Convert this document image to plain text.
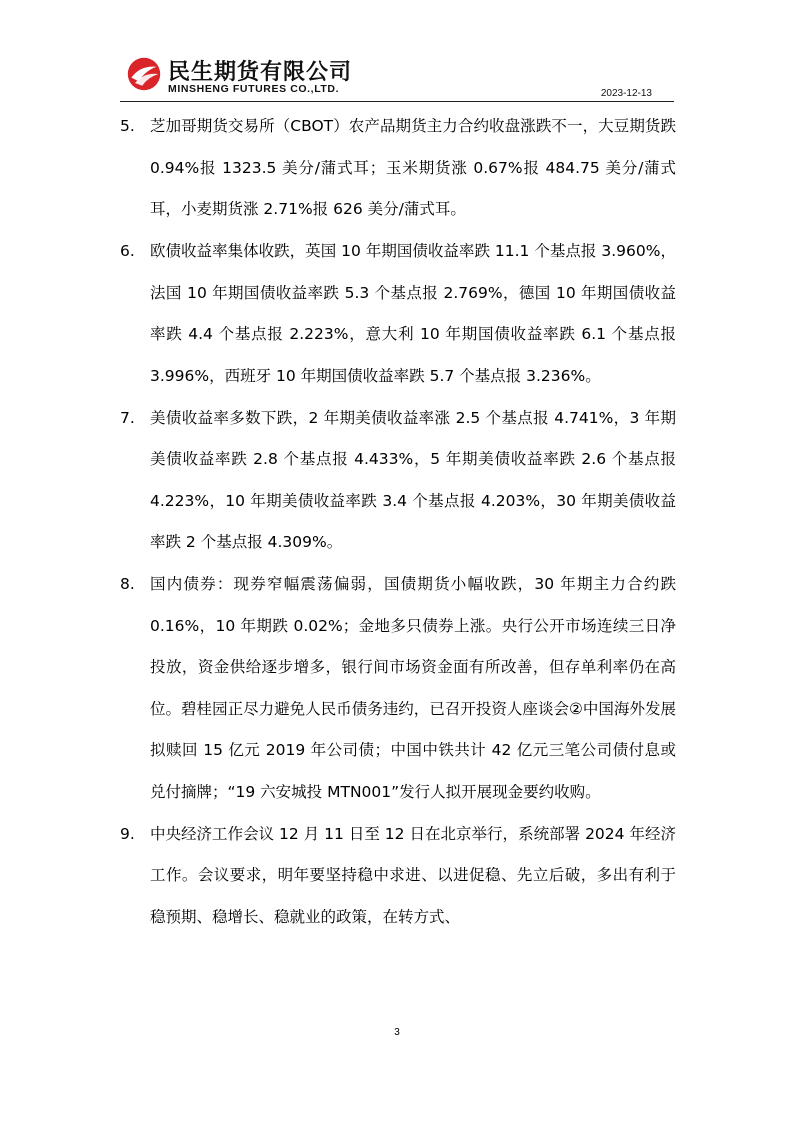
民生期货有限公司
MINSHENG FUTURES CO.,LTD.	2023-12-13
5. 芝加哥期货交易所（CBOT）农产品期货主力合约收盘涨跌不一，大豆期货跌 0.94%报 1323.5 美分/蒲式耳；玉米期货涨 0.67%报 484.75 美分/蒲式耳，小麦期货涨 2.71%报 626 美分/蒲式耳。

6. 欧债收益率集体收跌，英国 10 年期国债收益率跌 11.1 个基点报 3.960%，法国 10 年期国债收益率跌 5.3 个基点报 2.769%，德国 10 年期国债收益率跌 4.4 个基点报 2.223%，意大利 10 年期国债收益率跌 6.1 个基点报 3.996%，西班牙 10 年期国债收益率跌 5.7 个基点报 3.236%。

7. 美债收益率多数下跌，2 年期美债收益率涨 2.5 个基点报 4.741%，3 年期美债收益率跌 2.8 个基点报 4.433%，5 年期美债收益率跌 2.6 个基点报 4.223%，10 年期美债收益率跌 3.4 个基点报 4.203%，30 年期美债收益率跌 2 个基点报 4.309%。

8. 国内债券：现券窄幅震荡偏弱，国债期货小幅收跌，30 年期主力合约跌 0.16%，10 年期跌 0.02%；金地多只债券上涨。央行公开市场连续三日净投放，资金供给逐步增多，银行间市场资金面有所改善，但存单利率仍在高位。碧桂园正尽力避免人民币债务违约，已召开投资人座谈会②中国海外发展拟赎回 15 亿元 2019 年公司债；中国中铁共计 42 亿元三笔公司债付息或兑付摘牌；“19 六安城投 MTN001”发行人拟开展现金要约收购。

9. 中央经济工作会议 12 月 11 日至 12 日在北京举行，系统部署 2024 年经济工作。会议要求，明年要坚持稳中求进、以进促稳、先立后破，多出有利于稳预期、稳增长、稳就业的政策，在转方式、

3
